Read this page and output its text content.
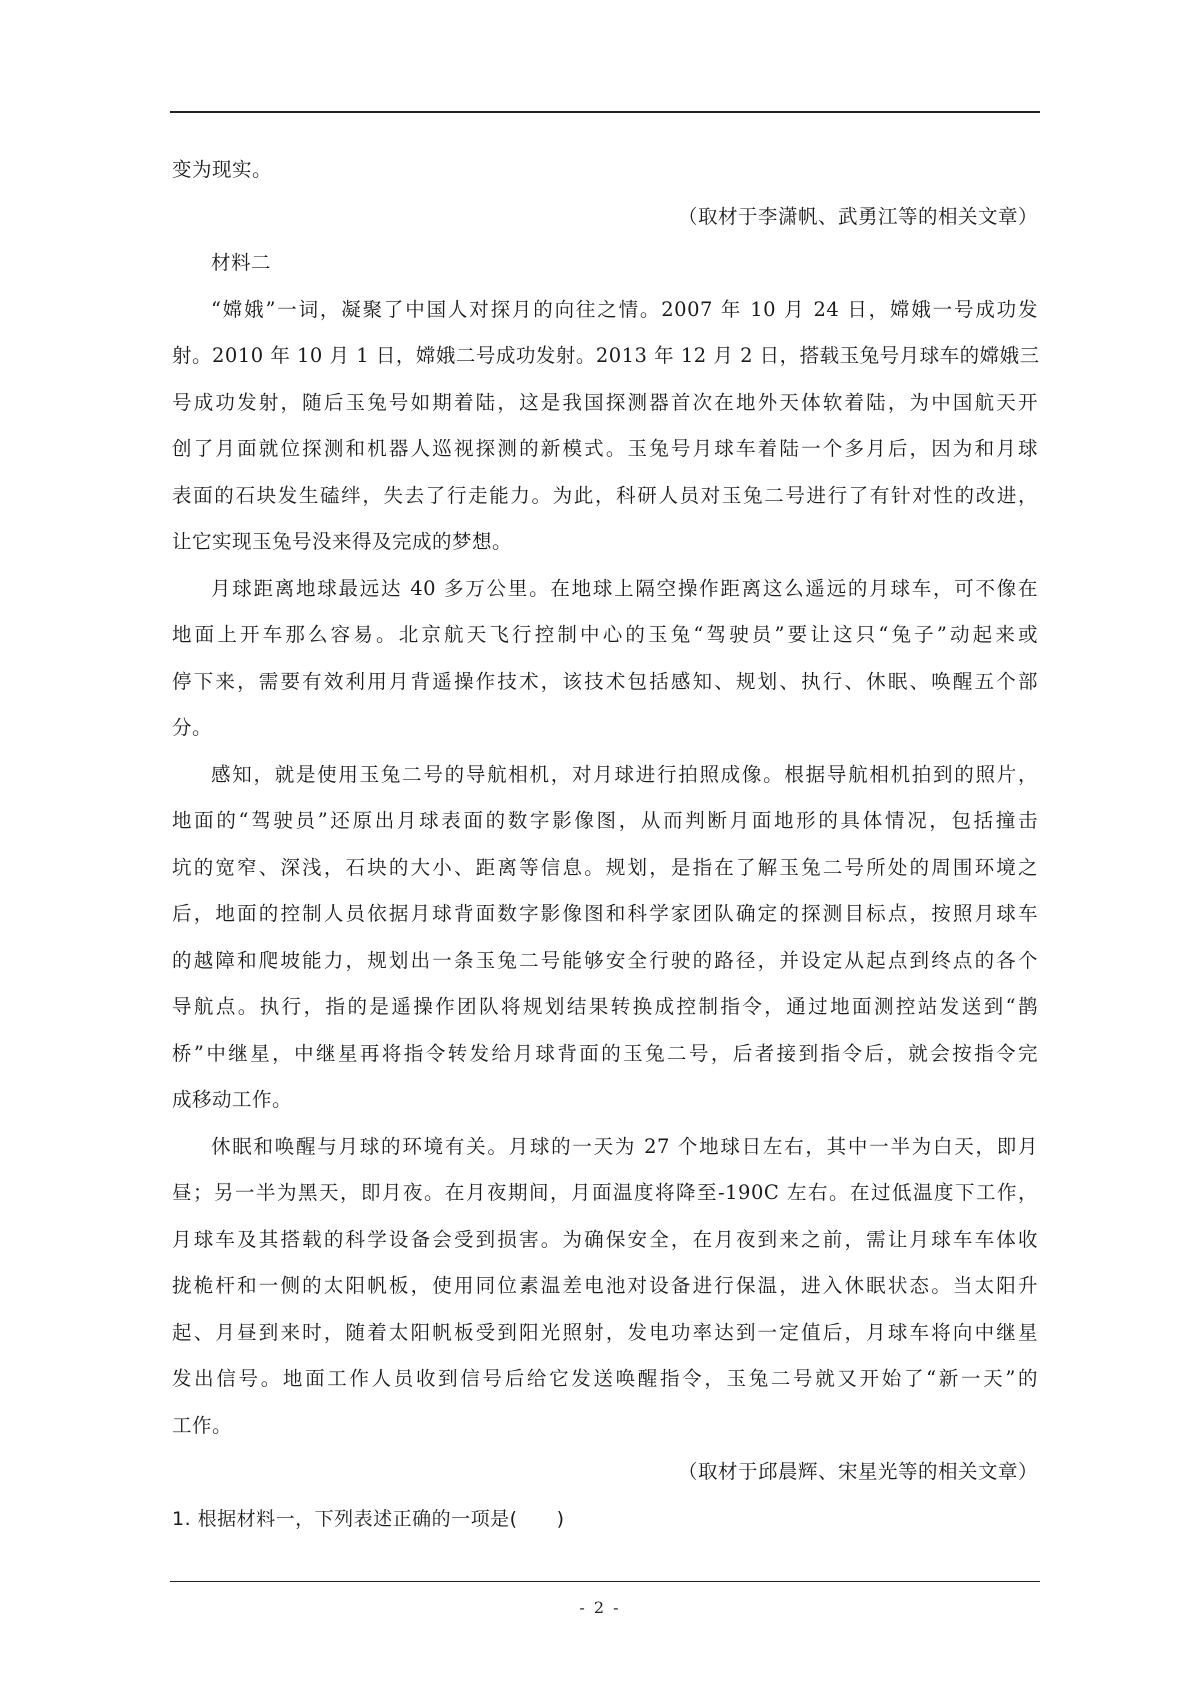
变为现实。
（取材于李潇帆、武勇江等的相关文章）
材料二
“嫦娥”一词，凝聚了中国人对探月的向往之情。2007 年 10 月 24 日，嫦娥一号成功发
射。2010 年 10 月 1 日，嫦娥二号成功发射。2013 年 12 月 2 日，搭载玉兔号月球车的嫦娥三
号成功发射，随后玉兔号如期着陆，这是我国探测器首次在地外天体软着陆，为中国航天开
创了月面就位探测和机器人巡视探测的新模式。玉兔号月球车着陆一个多月后，因为和月球
表面的石块发生磕绊，失去了行走能力。为此，科研人员对玉兔二号进行了有针对性的改进，
让它实现玉兔号没来得及完成的梦想。
月球距离地球最远达 40 多万公里。在地球上隔空操作距离这么遥远的月球车，可不像在
地面上开车那么容易。北京航天飞行控制中心的玉兔“驾驶员”要让这只“兔子”动起来或
停下来，需要有效利用月背遥操作技术，该技术包括感知、规划、执行、休眠、唤醒五个部
分。
感知，就是使用玉兔二号的导航相机，对月球进行拍照成像。根据导航相机拍到的照片，
地面的“驾驶员”还原出月球表面的数字影像图，从而判断月面地形的具体情况，包括撞击
坑的宽窄、深浅，石块的大小、距离等信息。规划，是指在了解玉兔二号所处的周围环境之
后，地面的控制人员依据月球背面数字影像图和科学家团队确定的探测目标点，按照月球车
的越障和爬坡能力，规划出一条玉兔二号能够安全行驶的路径，并设定从起点到终点的各个
导航点。执行，指的是遥操作团队将规划结果转换成控制指令，通过地面测控站发送到“鹊
桥”中继星，中继星再将指令转发给月球背面的玉兔二号，后者接到指令后，就会按指令完
成移动工作。
休眠和唤醒与月球的环境有关。月球的一天为 27 个地球日左右，其中一半为白天，即月
昼；另一半为黑天，即月夜。在月夜期间，月面温度将降至-190C 左右。在过低温度下工作，
月球车及其搭载的科学设备会受到损害。为确保安全，在月夜到来之前，需让月球车车体收
拢桅杆和一侧的太阳帆板，使用同位素温差电池对设备进行保温，进入休眠状态。当太阳升
起、月昼到来时，随着太阳帆板受到阳光照射，发电功率达到一定值后，月球车将向中继星
发出信号。地面工作人员收到信号后给它发送唤醒指令，玉兔二号就又开始了“新一天”的
工作。
（取材于邱晨辉、宋星光等的相关文章）
1. 根据材料一，下列表述正确的一项是(　　)
- 2 -
